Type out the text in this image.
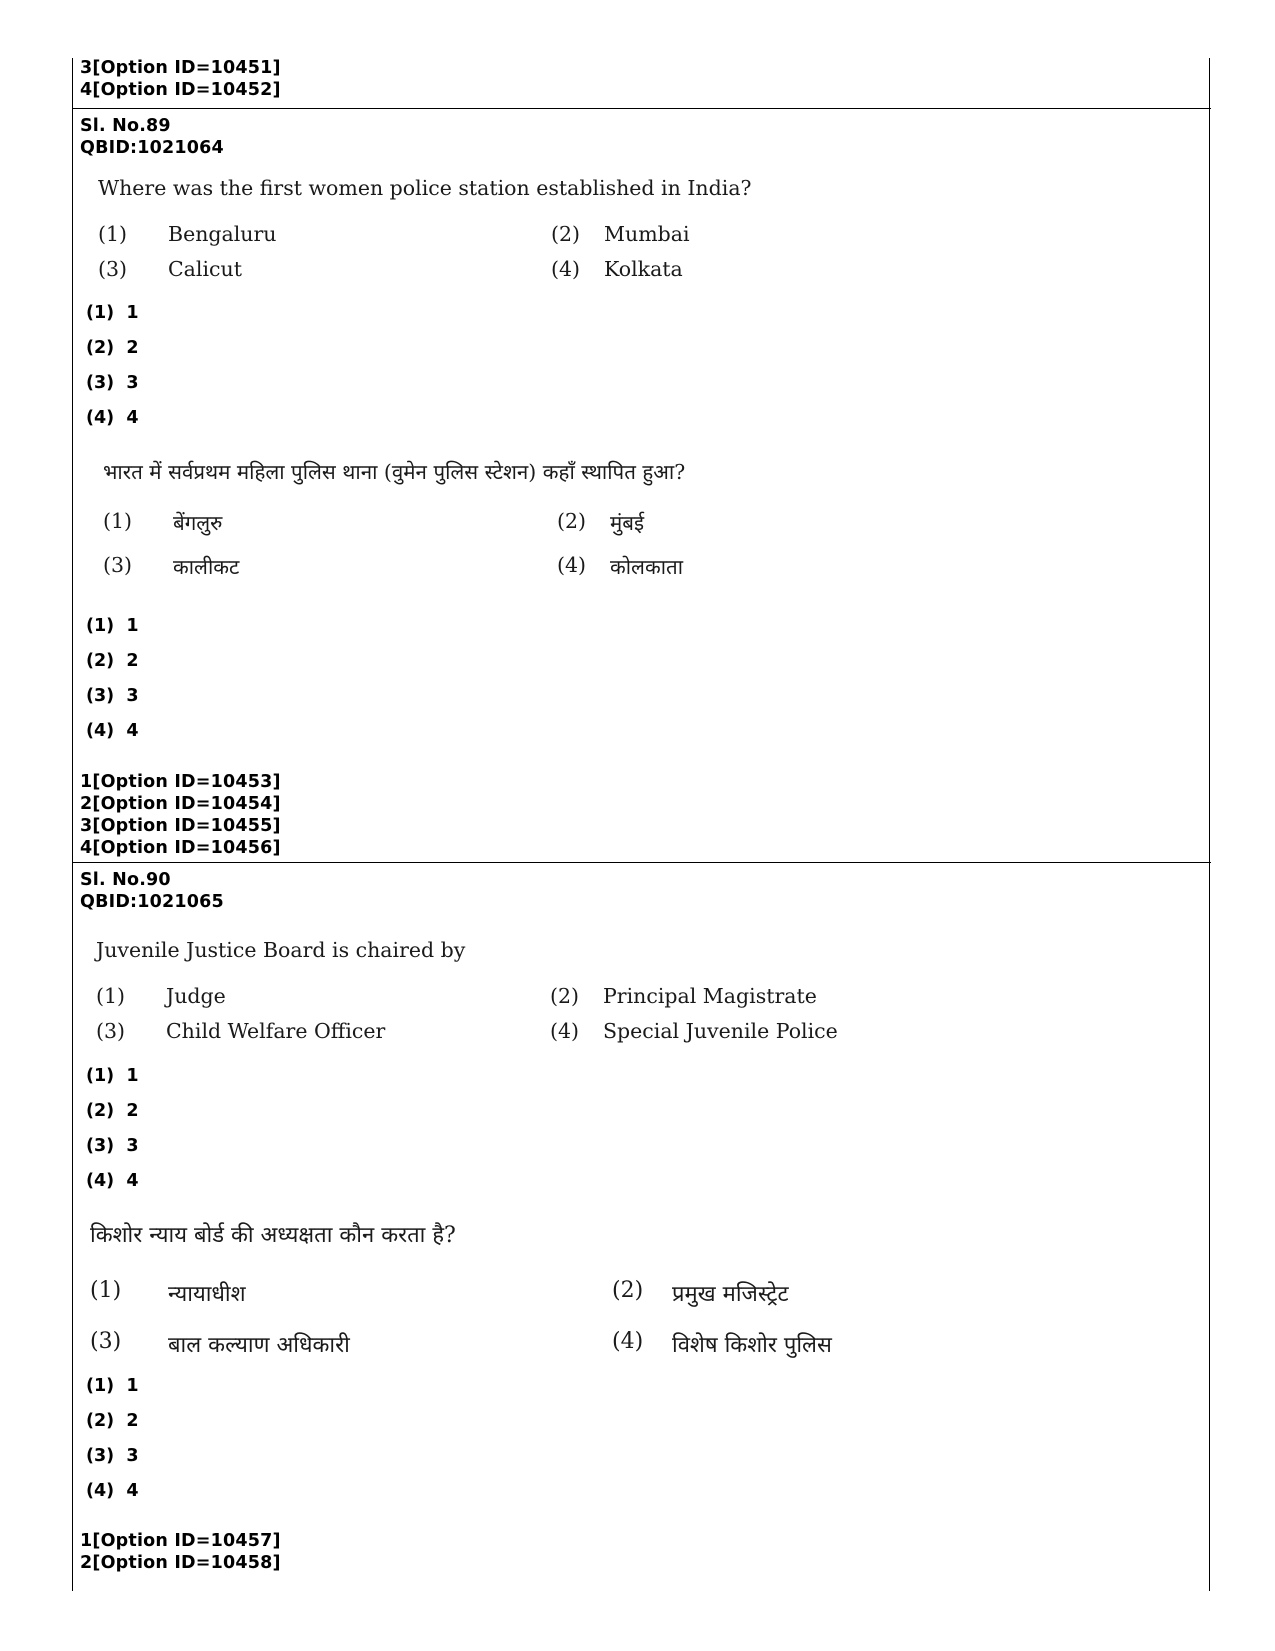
3[Option ID=10451]
4[Option ID=10452]
Sl. No.89
QBID:1021064
Where was the first women police station established in India?
(1) Bengaluru	(2) Mumbai
(3) Calicut	(4) Kolkata
(1)  1
(2)  2
(3)  3
(4)  4
भारत में सर्वप्रथम महिला पुलिस थाना (वुमेन पुलिस स्टेशन) कहाँ स्थापित हुआ?
(1) बेंगलुरु	(2) मुंबई
(3) कालीकट	(4) कोलकाता
(1)  1
(2)  2
(3)  3
(4)  4
1[Option ID=10453]
2[Option ID=10454]
3[Option ID=10455]
4[Option ID=10456]
Sl. No.90
QBID:1021065
Juvenile Justice Board is chaired by
(1) Judge	(2) Principal Magistrate
(3) Child Welfare Officer	(4) Special Juvenile Police
(1)  1
(2)  2
(3)  3
(4)  4
किशोर न्याय बोर्ड की अध्यक्षता कौन करता है?
(1) न्यायाधीश	(2) प्रमुख मजिस्ट्रेट
(3) बाल कल्याण अधिकारी	(4) विशेष किशोर पुलिस
(1)  1
(2)  2
(3)  3
(4)  4
1[Option ID=10457]
2[Option ID=10458]
